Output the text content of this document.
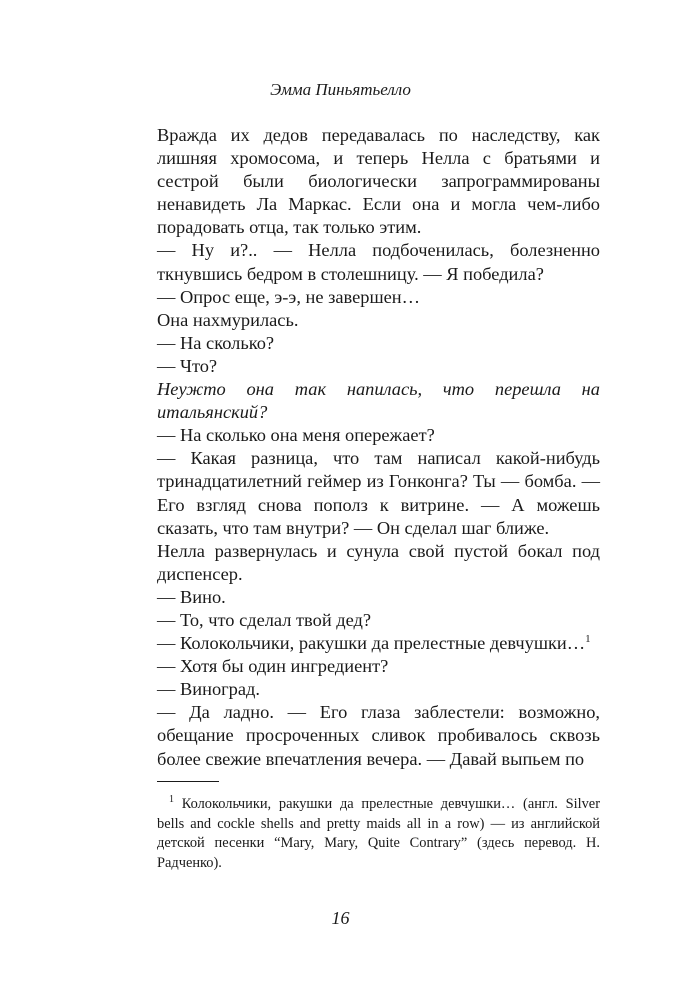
Эмма Пиньятьелло

Вражда их дедов передавалась по наследству, как лишняя хромосома, и теперь Нелла с братьями и сестрой были биологически запрограммированы ненавидеть Ла Маркас. Если она и могла чем-либо порадовать отца, так только этим.

— Ну и?.. — Нелла подбоченилась, болезненно ткнувшись бедром в столешницу. — Я победила?

— Опрос еще, э-э, не завершен…

Она нахмурилась.

— На сколько?

— Что?

Неужто она так напилась, что перешла на итальянский?

— На сколько она меня опережает?

— Какая разница, что там написал какой-нибудь тринадцатилетний геймер из Гонконга? Ты — бомба. — Его взгляд снова пополз к витрине. — А можешь сказать, что там внутри? — Он сделал шаг ближе.

Нелла развернулась и сунула свой пустой бокал под диспенсер.

— Вино.

— То, что сделал твой дед?

— Колокольчики, ракушки да прелестные девчушки…$^1$

— Хотя бы один ингредиент?

— Виноград.

— Да ладно. — Его глаза заблестели: возможно, обещание просроченных сливок пробивалось сквозь более свежие впечатления вечера. — Давай выпьем по

$^1$ Колокольчики, ракушки да прелестные девчушки… (англ. Silver bells and cockle shells and pretty maids all in a row) — из английской детской песенки “Mary, Mary, Quite Contrary” (здесь перевод. Н. Радченко).

16
